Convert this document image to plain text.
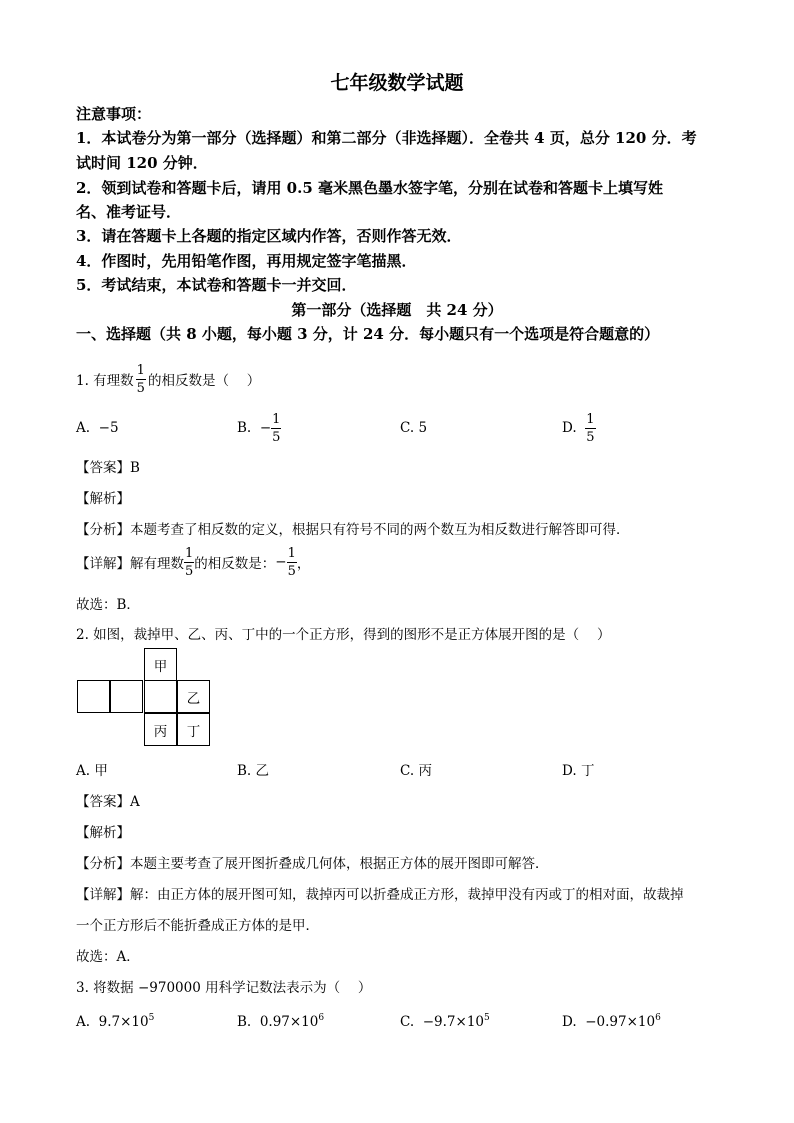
七年级数学试题
注意事项：
1．本试卷分为第一部分（选择题）和第二部分（非选择题）．全卷共 4 页，总分 120 分．考
试时间 120 分钟．
2．领到试卷和答题卡后，请用 0.5 毫米黑色墨水签字笔，分别在试卷和答题卡上填写姓
名、准考证号．
3．请在答题卡上各题的指定区域内作答，否则作答无效．
4．作图时，先用铅笔作图，再用规定签字笔描黑．
5．考试结束，本试卷和答题卡一并交回．
第一部分（选择题　共 24 分）
一、选择题（共 8 小题，每小题 3 分，计 24 分．每小题只有一个选项是符合题意的）
1. 有理数 $\frac{1}{5}$ 的相反数是（　 ）
A. −5	B.
− $\frac{1}{5}$	C. 5	D.
$\frac{1}{5}$
【答案】B
【解析】
【分析】本题考查了相反数的定义，根据只有符号不同的两个数互为相反数进行解答即可得．
【详解】 解有理数 $\frac{1}{5}$ 的相反数是： − $\frac{1}{5}$ ，
故选：B．
2. 如图，裁掉甲、乙、丙、丁中的一个正方形，得到的图形不是正方体展开图的是（　 ）
甲
乙
丙	丁
A. 甲	B. 乙	C. 丙	D. 丁
【答案】A
【解析】
【分析】本题主要考查了展开图折叠成几何体，根据正方体的展开图即可解答．
【详解】解：由正方体的展开图可知，裁掉丙可以折叠成正方形，裁掉甲没有丙或丁的相对面，故裁掉
一个正方形后不能折叠成正方体的是甲．
故选：A．
3. 将数据 −970000 用科学记数法表示为（　 ）
A. $9.7\times 10^5$	B. $0.97\times 10^6$	C. $-9.7\times 10^5$	D. $-0.97\times 10^6$
